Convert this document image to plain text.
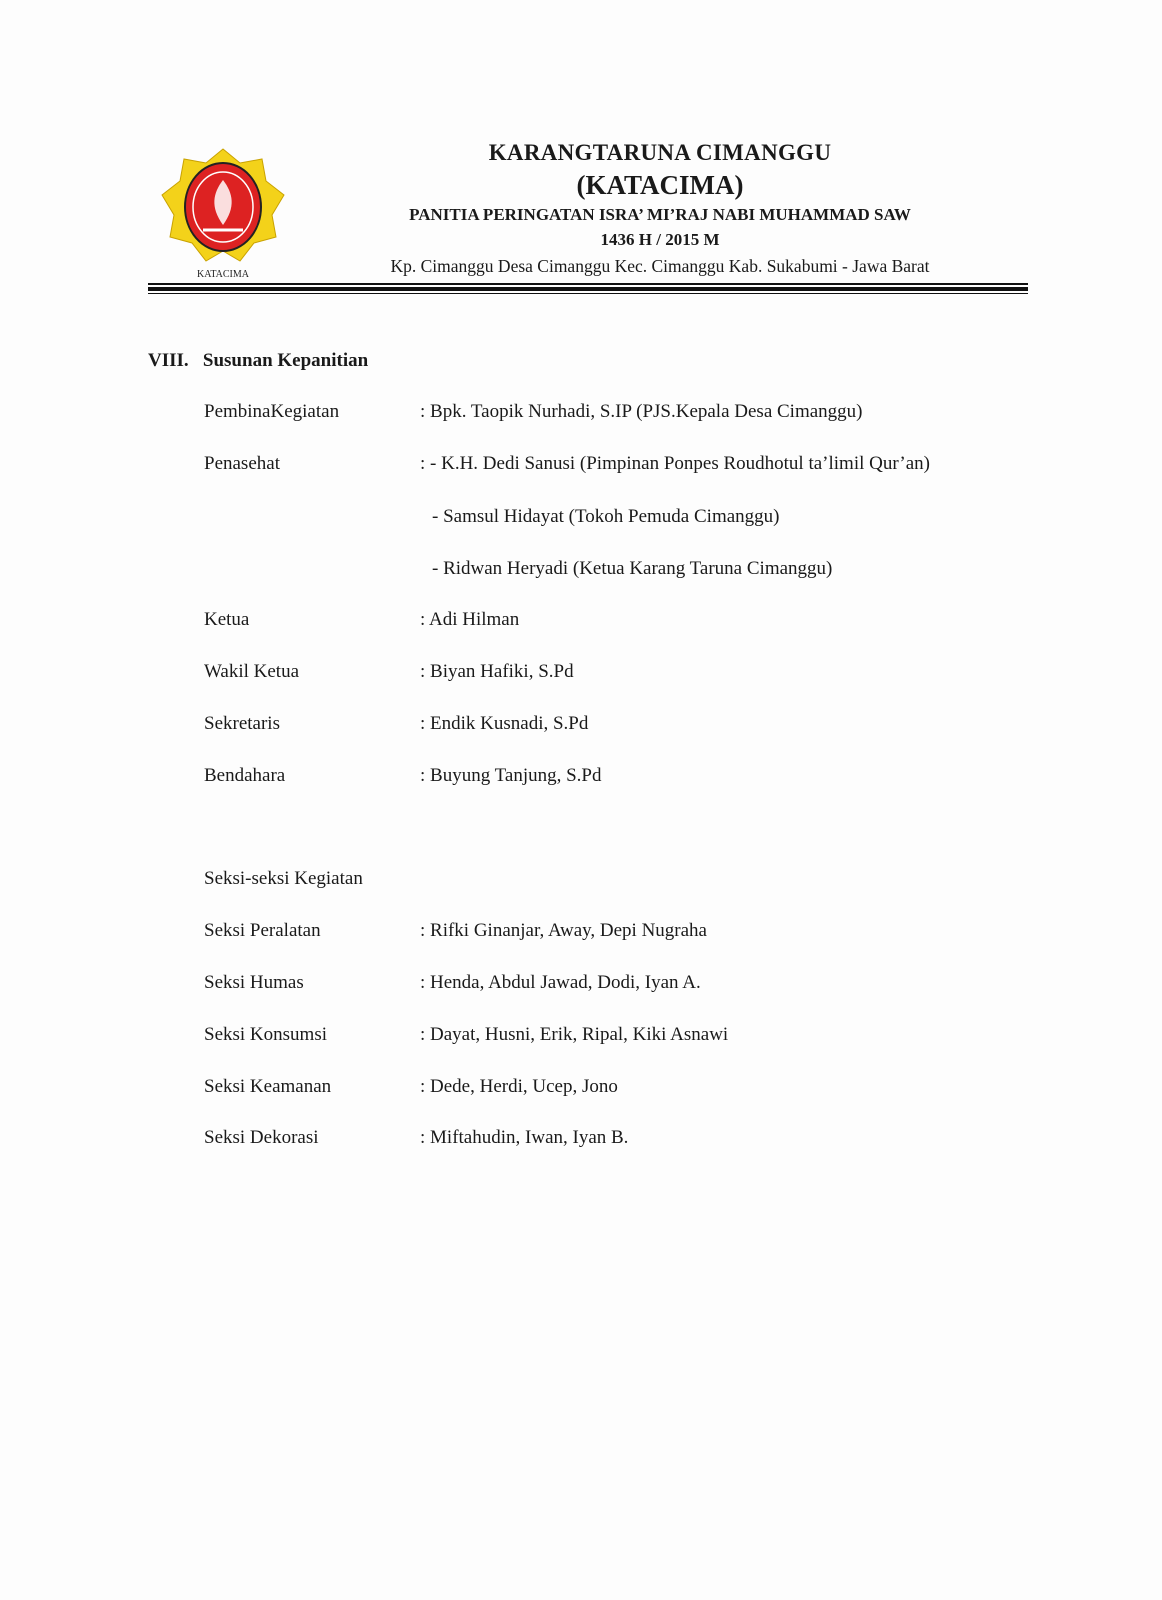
KATACIMA
KARANGTARUNA CIMANGGU
(KATACIMA)
PANITIA PERINGATAN ISRA’ MI’RAJ NABI MUHAMMAD SAW
1436 H / 2015 M
Kp. Cimanggu Desa Cimanggu Kec. Cimanggu Kab. Sukabumi - Jawa Barat
VIII. Susunan Kepanitian
PembinaKegiatan	: Bpk. Taopik Nurhadi, S.IP (PJS.Kepala Desa Cimanggu)
Penasehat	: - K.H. Dedi Sanusi (Pimpinan Ponpes Roudhotul ta’limil Qur’an)
- Samsul Hidayat (Tokoh Pemuda Cimanggu)
- Ridwan Heryadi (Ketua Karang Taruna Cimanggu)
Ketua	: Adi Hilman
Wakil Ketua	: Biyan Hafiki, S.Pd
Sekretaris	: Endik Kusnadi, S.Pd
Bendahara	: Buyung Tanjung, S.Pd
Seksi-seksi Kegiatan
Seksi Peralatan	: Rifki Ginanjar, Away, Depi Nugraha
Seksi Humas	: Henda, Abdul Jawad, Dodi, Iyan A.
Seksi Konsumsi	: Dayat, Husni, Erik, Ripal, Kiki Asnawi
Seksi Keamanan	: Dede, Herdi, Ucep, Jono
Seksi Dekorasi	: Miftahudin, Iwan, Iyan B.
